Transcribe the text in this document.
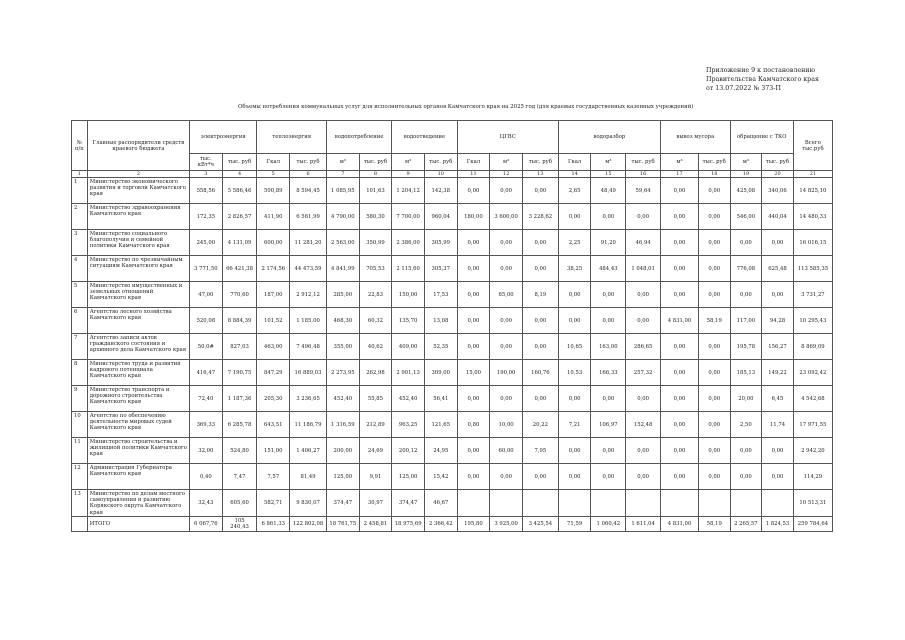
Приложение 9 к постановлению
Правительства Камчатского края
от 13.07.2022 № 373-П
Объемы потребления коммунальных услуг для исполнительных органов Камчатского края на 2025 год (для краевых государственных казенных учреждений)
№ п/п	Главные распорядители средств краевого бюджета	электроэнергия		теплоэнергия		водопотребление		водоотведение		ЦГВС			водоразбор			вывоз мусора		обращение с ТКО		Всего тыс.руб
		тыс. кВт*ч	тыс. руб	Гкал	тыс. руб	м³	тыс. руб	м³	тыс. руб	Гкал	м³	тыс. руб	Гкал	м³	тыс. руб	м³	тыс. руб	м³	тыс. руб	
1	2	3	4	5	6	7	8	9	10	11	12	13	14	15	16	17	18	19	20	21
1	Министерство экономического развития и торговли Камчатского края	558,56	5 586,46	500,89	8 594,45	1 085,95	101,63	1 204,12	142,38	0,00	0,00	0,00	2,65	48,49	59,64	0,00	0,00	425,08	340,06	14 825,10
2	Министерство здравоохранения Камчатского края	172,35	2 826,57	411,90	6 561,99	4 790,00	580,30	7 700,00	960,04	180,00	3 600,00	3 228,62	0,00	0,00	0,00	0,00	0,00	546,00	440,04	14 480,33
3	Министерство социального благополучия и семейной политики Камчатского края	245,00	4 131,09	600,00	11 281,20	2 563,00	350,99	2 386,00	305,99	0,00	0,00	0,00	2,25	91,20	46,94	0,00	0,00	0,00	0,00	16 016,15
4	Министерство по чрезвычайным ситуациям Камчатского края	3 771,50	66 421,38	2 174,56	44 473,59	4 841,99	705,53	2 115,60	305,37	0,00	0,00	0,00	38,25	484,43	1 048,01	0,00	0,00	776,08	625,48	113 585,35
5	Министерство имущественных и земельных отношений Камчатского края	47,00	770,60	187,00	2 912,12	285,00	22,83	150,00	17,53	0,00	65,00	8,19	0,00	0,00	0,00	0,00	0,00	0,00	0,00	3 731,27
6	Агентство лесного хозяйства Камчатского края	520,08	8 884,39	101,52	1 185,00	468,30	60,32	135,70	13,08	0,00	0,00	0,00	0,00	0,00	0,00	4 831,00	58,19	117,00	94,28	10 295,43
7	Агентство записи актов гражданского состояния и архивного дела Камчатского края	50,0#	827,03	463,00	7 496,48	355,00	40,62	409,00	52,35	0,00	0,00	0,00	10,65	163,00	286,65	0,00	0,00	195,78	156,27	8 869,09
8	Министерство труда и развития кадрового потенциала Камчатского края	416,47	7 190,75	847,29	16 889,03	2 273,95	262,98	2 901,13	309,00	15,00	190,00	160,76	10,53	166,33	257,32	0,00	0,00	185,13	149,22	23 092,42
9	Министерство транспорта и дорожного строительства Камчатского края	72,40	1 187,36	205,30	3 236,65	452,40	55,85	452,40	56,41	0,00	0,00	0,00	0,00	0,00	0,00	0,00	0,00	20,00	6,45	4 542,68
10	Агентство по обеспечению деятельности мировых судей Камчатского края	369,33	6 285,78	643,51	11 186,79	1 316,59	212,89	963,25	121,65	0,80	10,00	20,22	7,21	106,97	152,48	0,00	0,00	2,50	11,74	17 971,55
11	Министерство строительства и жилищной политики Камчатского края	32,00	524,80	151,00	1 406,27	200,00	24,69	200,12	24,95	0,00	60,00	7,95	0,00	0,00	0,00	0,00	0,00	0,00	0,00	2 942,20
12	Администрация Губернатора Камчатского края	0,40	7,47	7,57	81,49	125,00	9,91	125,00	15,42	0,00	0,00	0,00	0,00	0,00	0,00	0,00	0,00	0,00	0,00	114,29
13	Министерство по делам местного самоуправления и развитию Корякского округа Камчатского края	32,43	605,60	582,71	9 830,07	374,47	30,97	374,47	46,67											10 513,31
	ИТОГО	6 067,76	105 240,43	6 861,33	122 802,08	18 761,75	2 458,81	18 975,69	2 366,42	195,80	3 925,00	3 425,54	71,59	1 060,42	1 611,04	4 831,00	58,19	2 265,57	1 824,53	259 784,64
